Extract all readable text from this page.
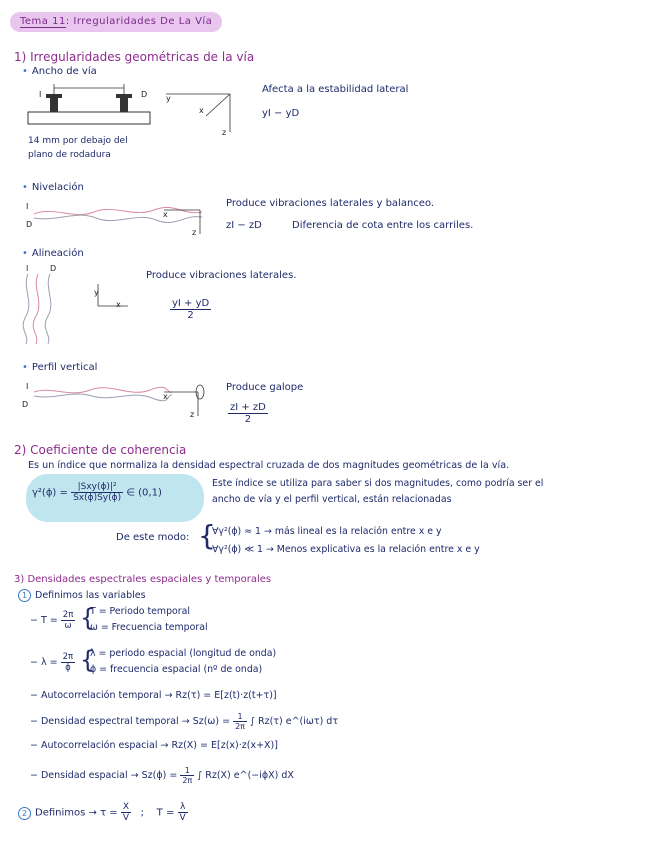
Tema 11: Irregularidades De La Vía
1) Irregularidades geométricas de la vía
• Ancho de vía
I	D
14 mm por debajo del
plano de rodadura
y
x
z
Afecta a la estabilidad lateral
yI − yD
• Nivelación
I
D
x
z
Produce vibraciones laterales y balanceo.
zI − zD	Diferencia de cota entre los carriles.
• Alineación
I	D
y
x
Produce vibraciones laterales.
$\frac{yI + yD}{2}$
• Perfil vertical
I
D
x
z
Produce galope
$\frac{zI + zD}{2}$
2) Coeficiente de coherencia
Es un índice que normaliza la densidad espectral cruzada de dos magnitudes geométricas de la vía.
$\gamma^2(\phi) = \frac{\text{|Sxy(ϕ)|²}}{Sx(\phi)Sy(\phi)}$ ∈ (0,1)
Este índice se utiliza para saber si dos magnitudes, como podría ser el
ancho de vía y el perfil vertical, están relacionadas
De este modo: {
∀γ²(ϕ) ≈ 1 → más lineal es la relación entre x e y
∀γ²(ϕ) ≪ 1 → Menos explicativa es la relación entre x e y
3) Densidades espectrales espaciales y temporales
1 Definimos las variables
− $T = \frac{2\pi}{\omega}$ {
T = Periodo temporal
ω = Frecuencia temporal
− $\lambda = \frac{2\pi}{\phi}$ {
λ = periodo espacial (longitud de onda)
ϕ = frecuencia espacial (nº de onda)
− Autocorrelación temporal → Rz(τ) = E[z(t)·z(t+τ)]
− Densidad espectral temporal → $Sz(\omega) = \frac{1}{2\pi}$ ∫ Rz(τ) e^(iωτ) dτ
− Autocorrelación espacial → Rz(X) = E[z(x)·z(x+X)]
− Densidad espacial → $Sz(\phi) = \frac{1}{2\pi}$ ∫ Rz(X) e^(−iϕX) dX
2 Definimos → $\tau = \frac{X}{V}$ ; $T = \frac{\lambda}{V}$
